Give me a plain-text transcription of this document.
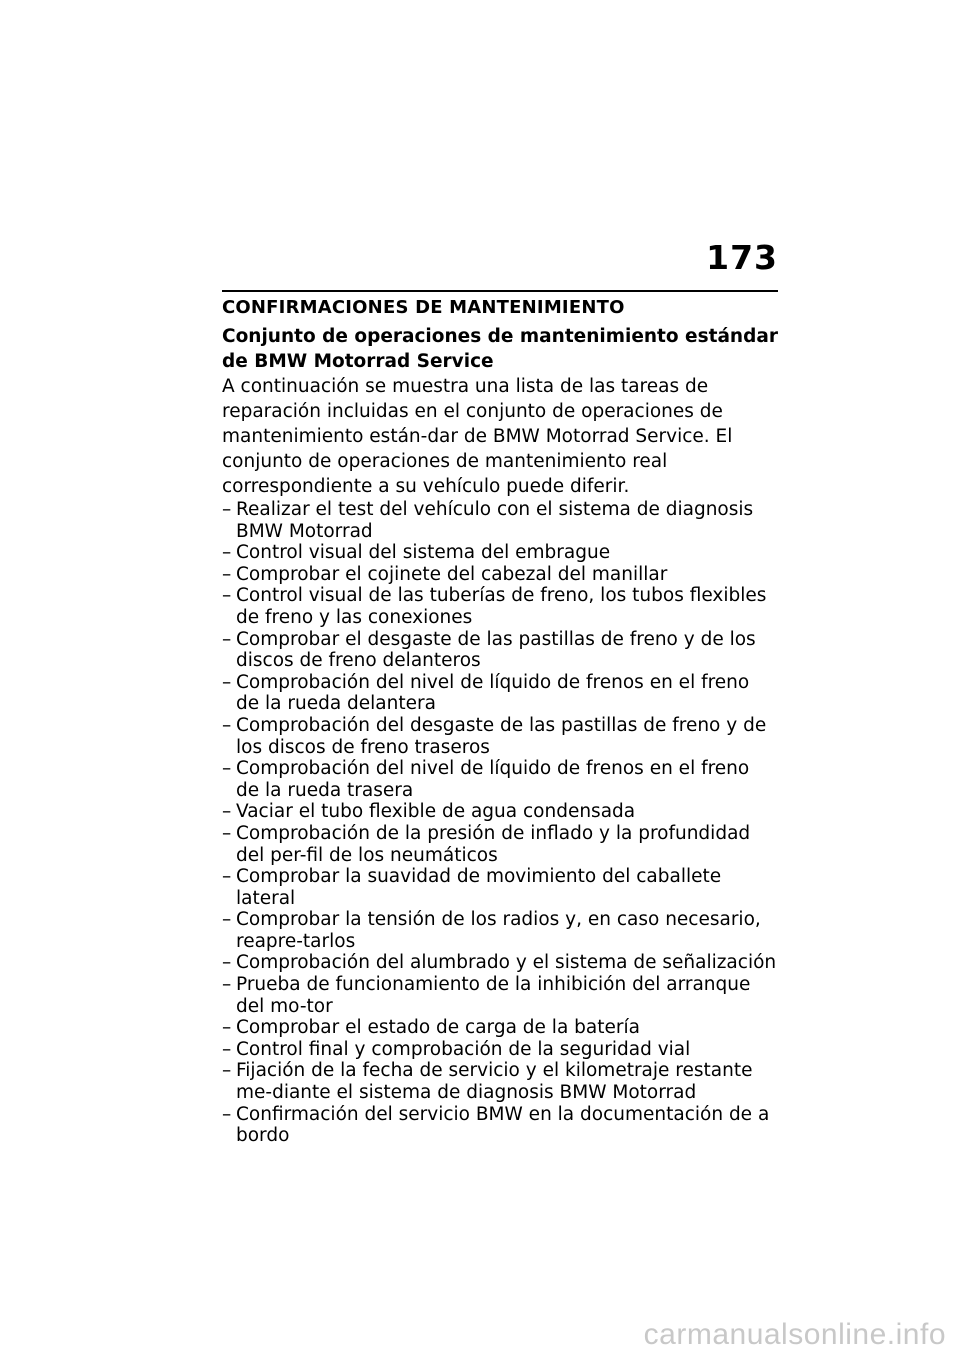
173
CONFIRMACIONES DE MANTENIMIENTO
Conjunto de operaciones de mantenimiento estándar de BMW Motorrad Service

A continuación se muestra una lista de las tareas de reparación incluidas en el conjunto de operaciones de mantenimiento están-dar de BMW Motorrad Service. El conjunto de operaciones de mantenimiento real correspondiente a su vehículo puede diferir.

– Realizar el test del vehículo con el sistema de diagnosis BMW Motorrad
– Control visual del sistema del embrague
– Comprobar el cojinete del cabezal del manillar
– Control visual de las tuberías de freno, los tubos flexibles de freno y las conexiones
– Comprobar el desgaste de las pastillas de freno y de los discos de freno delanteros
– Comprobación del nivel de líquido de frenos en el freno de la rueda delantera
– Comprobación del desgaste de las pastillas de freno y de los discos de freno traseros
– Comprobación del nivel de líquido de frenos en el freno de la rueda trasera
– Vaciar el tubo flexible de agua condensada
– Comprobación de la presión de inflado y la profundidad del per-fil de los neumáticos
– Comprobar la suavidad de movimiento del caballete lateral
– Comprobar la tensión de los radios y, en caso necesario, reapre-tarlos
– Comprobación del alumbrado y el sistema de señalización
– Prueba de funcionamiento de la inhibición del arranque del mo-tor
– Comprobar el estado de carga de la batería
– Control final y comprobación de la seguridad vial
– Fijación de la fecha de servicio y el kilometraje restante me-diante el sistema de diagnosis BMW Motorrad
– Confirmación del servicio BMW en la documentación de a bordo
carmanualsonline.info
